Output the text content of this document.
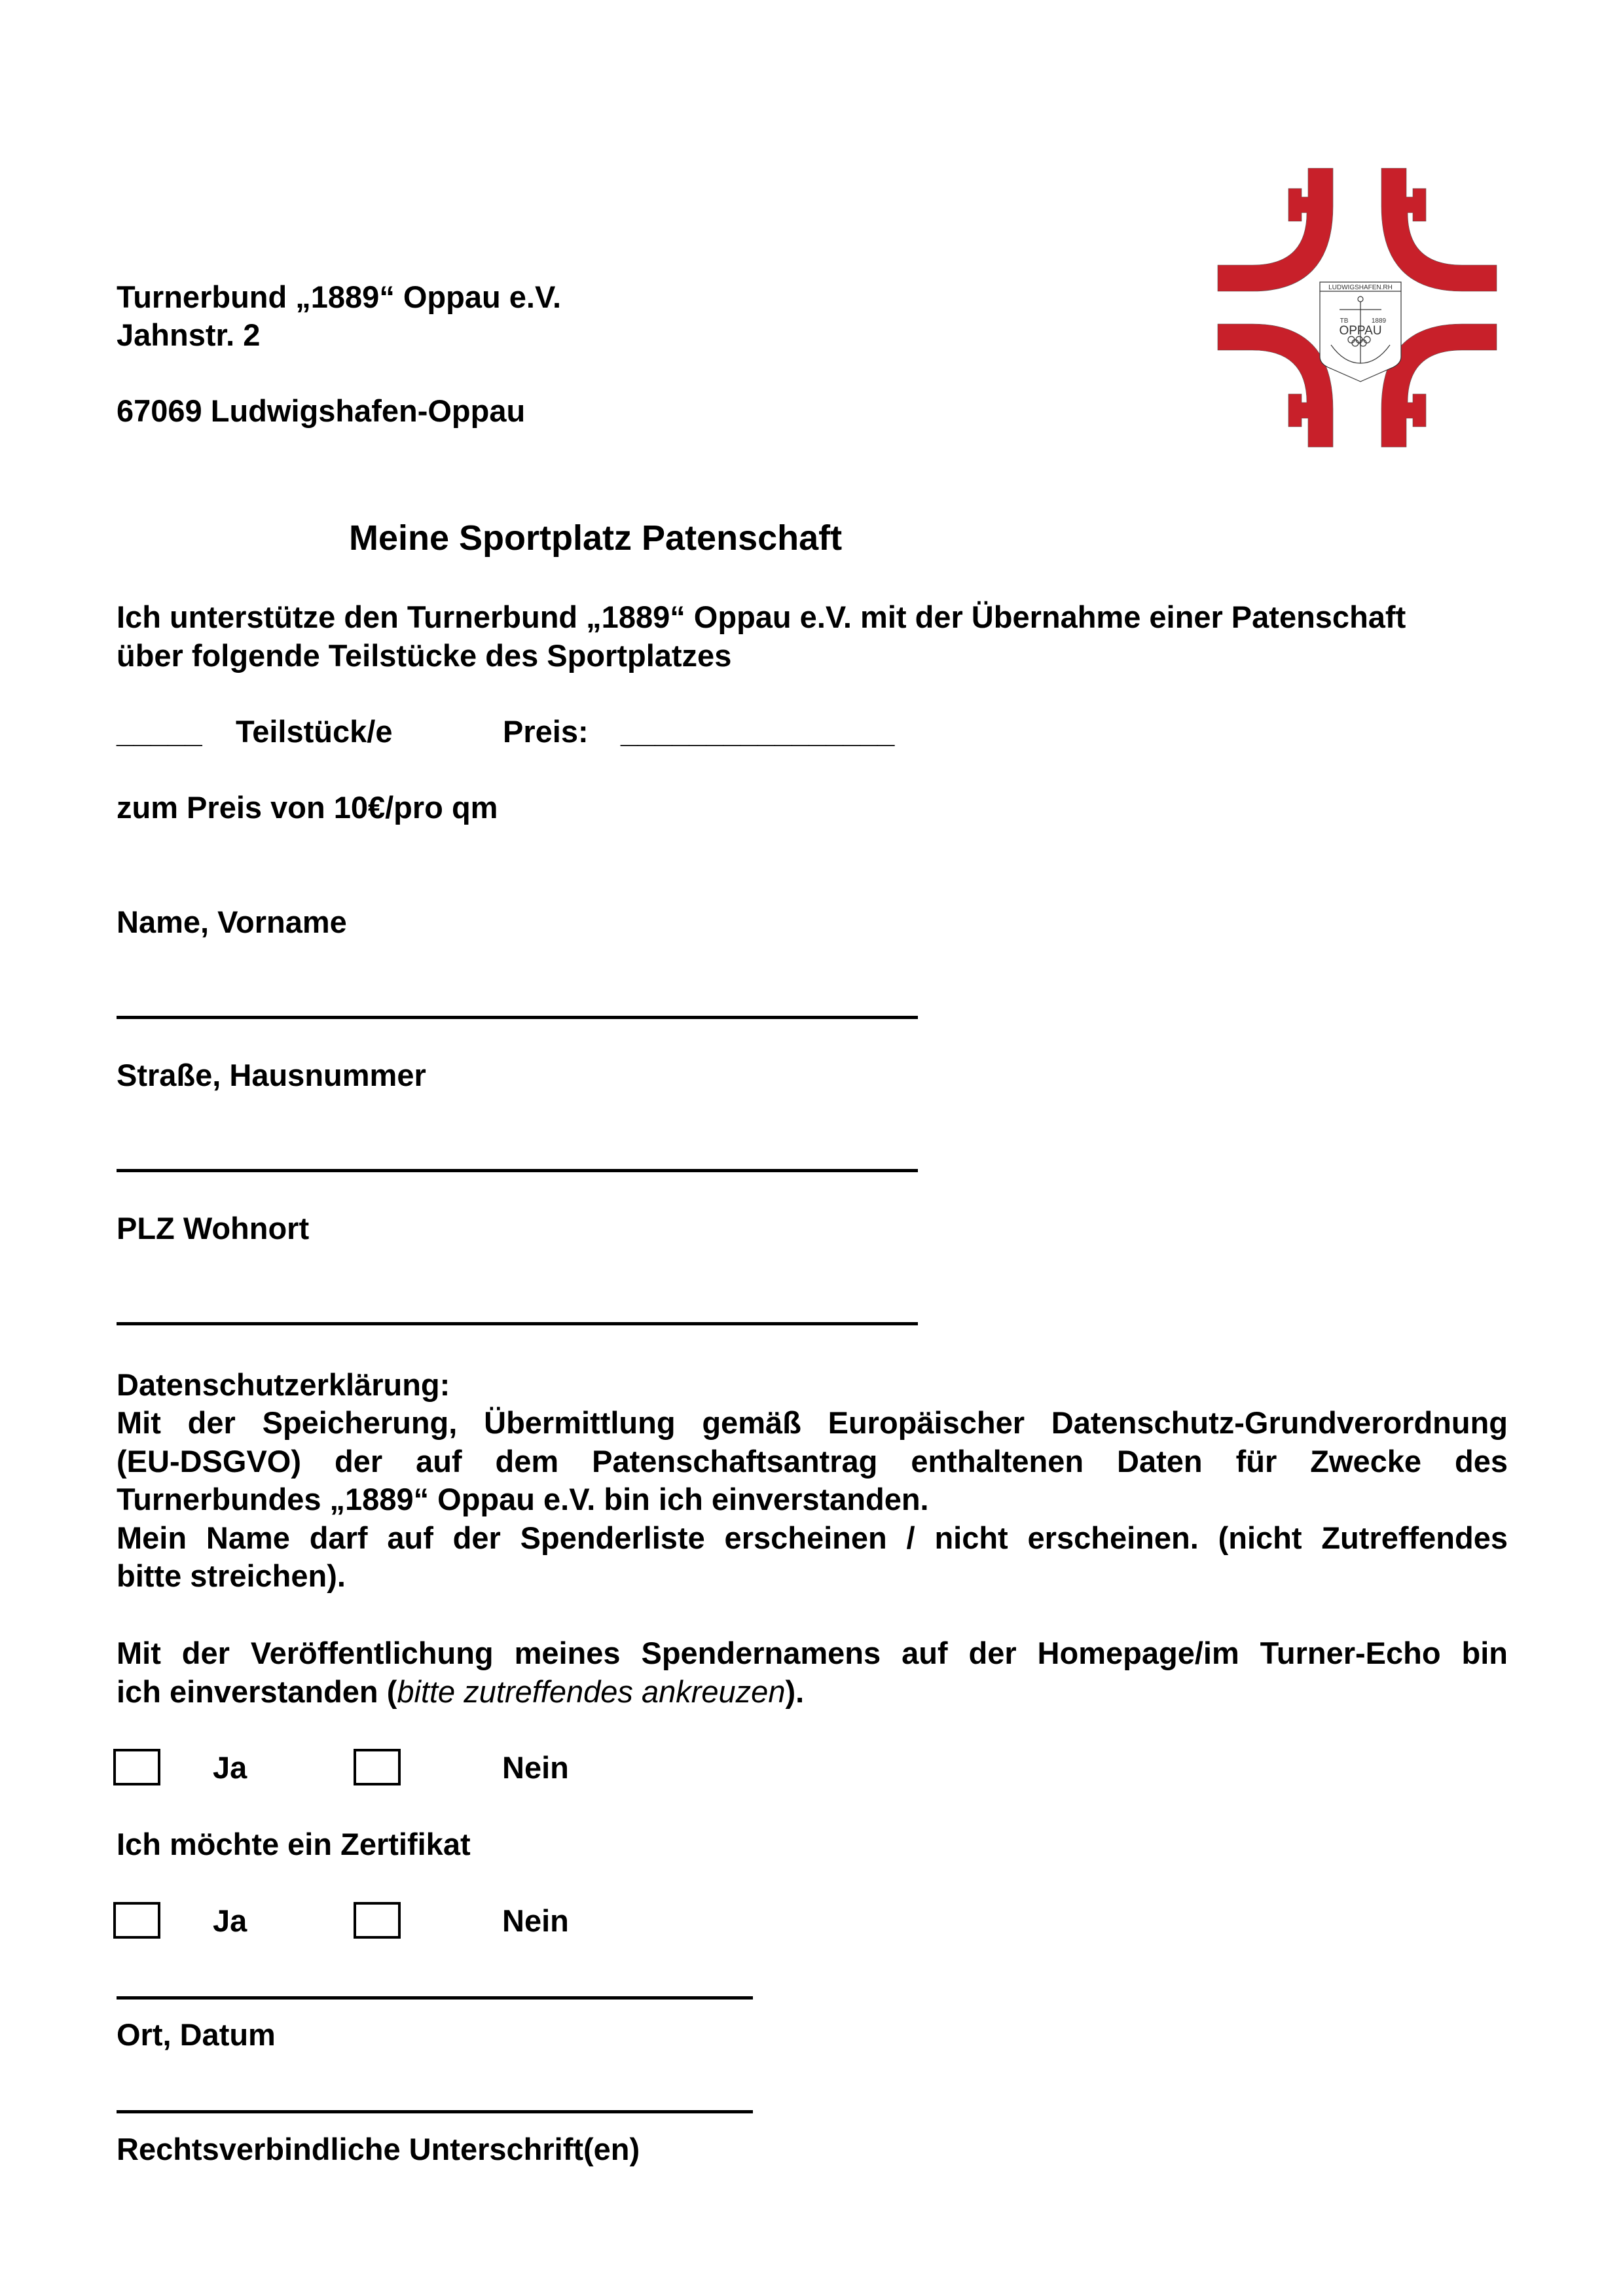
Turnerbund „1889“ Oppau e.V.
Jahnstr. 2
67069 Ludwigshafen-Oppau
LUDWIGSHAFEN.RH
TB	1889
OPPAU
Meine Sportplatz Patenschaft
Ich unterstütze den Turnerbund „1889“ Oppau e.V. mit der Übernahme einer Patenschaft
über folgende Teilstücke des Sportplatzes
_____ Teilstück/e	Preis: ________________
zum Preis von 10€/pro qm
Name, Vorname
Straße, Hausnummer
PLZ Wohnort
Datenschutzerklärung:
Mit der Speicherung, Übermittlung gemäß Europäischer Datenschutz-Grundverordnung
(EU-DSGVO) der auf dem Patenschaftsantrag enthaltenen Daten für Zwecke des
Turnerbundes „1889“ Oppau e.V. bin ich einverstanden.
Mein Name darf auf der Spenderliste erscheinen / nicht erscheinen. (nicht Zutreffendes
bitte streichen).
Mit der Veröffentlichung meines Spendernamens auf der Homepage/im Turner-Echo bin
ich einverstanden (bitte zutreffendes ankreuzen).
Ja	Nein
Ich möchte ein Zertifikat
Ja	Nein
Ort, Datum
Rechtsverbindliche Unterschrift(en)
